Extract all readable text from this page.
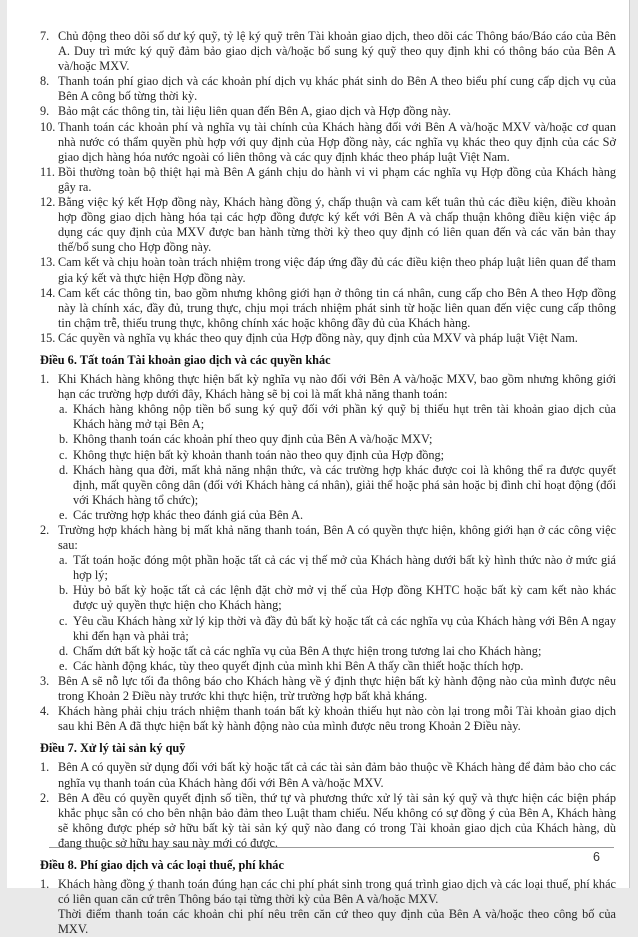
7. Chủ động theo dõi số dư ký quỹ, tỷ lệ ký quỹ trên Tài khoản giao dịch, theo dõi các Thông báo/Báo cáo của Bên A. Duy trì mức ký quỹ đảm bảo giao dịch và/hoặc bổ sung ký quỹ theo quy định khi có thông báo của Bên A và/hoặc MXV.
8. Thanh toán phí giao dịch và các khoản phí dịch vụ khác phát sinh do Bên A theo biểu phí cung cấp dịch vụ của Bên A công bố từng thời kỳ.
9. Bảo mật các thông tin, tài liệu liên quan đến Bên A, giao dịch và Hợp đồng này.
10. Thanh toán các khoản phí và nghĩa vụ tài chính của Khách hàng đối với Bên A và/hoặc MXV và/hoặc cơ quan nhà nước có thẩm quyền phù hợp với quy định của Hợp đồng này, các nghĩa vụ khác theo quy định của các Sở giao dịch hàng hóa nước ngoài có liên thông và các quy định khác theo pháp luật Việt Nam.
11. Bồi thường toàn bộ thiệt hại mà Bên A gánh chịu do hành vi vi phạm các nghĩa vụ Hợp đồng của Khách hàng gây ra.
12. Bằng việc ký kết Hợp đồng này, Khách hàng đồng ý, chấp thuận và cam kết tuân thủ các điều kiện, điều khoản hợp đồng giao dịch hàng hóa tại các hợp đồng được ký kết với Bên A và chấp thuận không điều kiện việc áp dụng các quy định của MXV được ban hành từng thời kỳ theo quy định có liên quan đến và các văn bản thay thế/bổ sung cho Hợp đồng này.
13. Cam kết và chịu hoàn toàn trách nhiệm trong việc đáp ứng đầy đủ các điều kiện theo pháp luật liên quan để tham gia ký kết và thực hiện Hợp đồng này.
14. Cam kết các thông tin, bao gồm nhưng không giới hạn ở thông tin cá nhân, cung cấp cho Bên A theo Hợp đồng này là chính xác, đầy đủ, trung thực, chịu mọi trách nhiệm phát sinh từ hoặc liên quan đến việc cung cấp thông tin chậm trễ, thiếu trung thực, không chính xác hoặc không đầy đủ của Khách hàng.
15. Các quyền và nghĩa vụ khác theo quy định của Hợp đồng này, quy định của MXV và pháp luật Việt Nam.
Điều 6. Tất toán Tài khoản giao dịch và các quyền khác
1. Khi Khách hàng không thực hiện bất kỳ nghĩa vụ nào đối với Bên A và/hoặc MXV, bao gồm nhưng không giới hạn các trường hợp dưới đây, Khách hàng sẽ bị coi là mất khả năng thanh toán:
a. Khách hàng không nộp tiền bổ sung ký quỹ đối với phần ký quỹ bị thiếu hụt trên tài khoản giao dịch của Khách hàng mở tại Bên A;
b. Không thanh toán các khoản phí theo quy định của Bên A và/hoặc MXV;
c. Không thực hiện bất kỳ khoản thanh toán nào theo quy định của Hợp đồng;
d. Khách hàng qua đời, mất khả năng nhận thức, và các trường hợp khác được coi là không thể ra được quyết định, mất quyền công dân (đối với Khách hàng cá nhân), giải thể hoặc phá sản hoặc bị đình chỉ hoạt động (đối với Khách hàng tổ chức);
e. Các trường hợp khác theo đánh giá của Bên A.
2. Trường hợp khách hàng bị mất khả năng thanh toán, Bên A có quyền thực hiện, không giới hạn ở các công việc sau:
a. Tất toán hoặc đóng một phần hoặc tất cả các vị thế mở của Khách hàng dưới bất kỳ hình thức nào ở mức giá hợp lý;
b. Hủy bỏ bất kỳ hoặc tất cả các lệnh đặt chờ mở vị thế của Hợp đồng KHTC hoặc bất kỳ cam kết nào khác được uỷ quyền thực hiện cho Khách hàng;
c. Yêu cầu Khách hàng xử lý kịp thời và đầy đủ bất kỳ hoặc tất cả các nghĩa vụ của Khách hàng với Bên A ngay khi đến hạn và phải trả;
d. Chấm dứt bất kỳ hoặc tất cả các nghĩa vụ của Bên A thực hiện trong tương lai cho Khách hàng;
e. Các hành động khác, tùy theo quyết định của mình khi Bên A thấy cần thiết hoặc thích hợp.
3. Bên A sẽ nỗ lực tối đa thông báo cho Khách hàng về ý định thực hiện bất kỳ hành động nào của mình được nêu trong Khoản 2 Điều này trước khi thực hiện, trừ trường hợp bất khả kháng.
4. Khách hàng phải chịu trách nhiệm thanh toán bất kỳ khoản thiếu hụt nào còn lại trong mỗi Tài khoản giao dịch sau khi Bên A đã thực hiện bất kỳ hành động nào của mình được nêu trong Khoản 2 Điều này.
Điều 7. Xử lý tài sản ký quỹ
1. Bên A có quyền sử dụng đối với bất kỳ hoặc tất cả các tài sản đảm bảo thuộc về Khách hàng để đảm bảo cho các nghĩa vụ thanh toán của Khách hàng đối với Bên A và/hoặc MXV.
2. Bên A đều có quyền quyết định số tiền, thứ tự và phương thức xử lý tài sản ký quỹ và thực hiện các biện pháp khắc phục sẵn có cho bên nhận bảo đảm theo Luật tham chiếu. Nếu không có sự đồng ý của Bên A, Khách hàng sẽ không được phép sở hữu bất kỳ tài sản ký quỹ nào đang có trong Tài khoản giao dịch của Khách hàng, dù đang thuộc sở hữu hay sau này mới có được.
Điều 8. Phí giao dịch và các loại thuế, phí khác
1. Khách hàng đồng ý thanh toán đúng hạn các chi phí phát sinh trong quá trình giao dịch và các loại thuế, phí khác có liên quan căn cứ trên Thông báo tại từng thời kỳ của Bên A và/hoặc MXV.
Thời điểm thanh toán các khoản chi phí nêu trên căn cứ theo quy định của Bên A và/hoặc theo công bố của MXV.
6
